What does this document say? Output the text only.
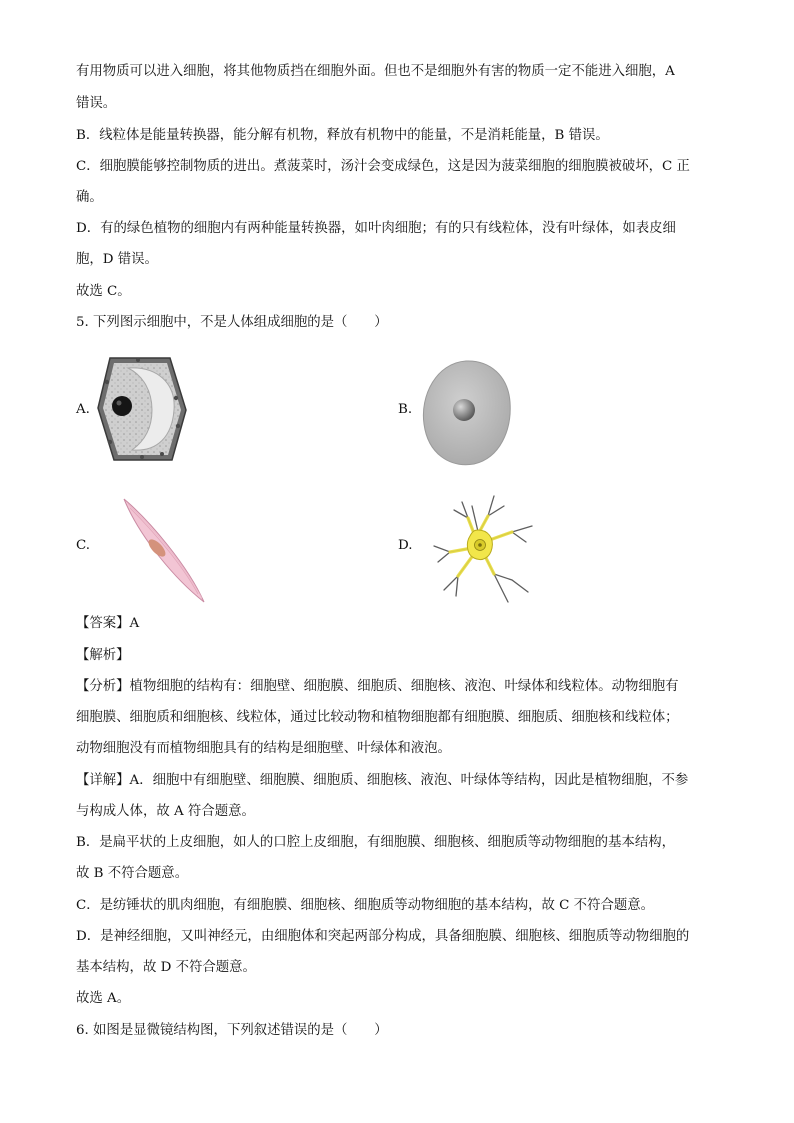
有用物质可以进入细胞，将其他物质挡在细胞外面。但也不是细胞外有害的物质一定不能进入细胞，A
错误。
B．线粒体是能量转换器，能分解有机物，释放有机物中的能量，不是消耗能量，B 错误。
C．细胞膜能够控制物质的进出。煮菠菜时，汤汁会变成绿色，这是因为菠菜细胞的细胞膜被破坏，C 正
确。
D．有的绿色植物的细胞内有两种能量转换器，如叶肉细胞；有的只有线粒体，没有叶绿体，如表皮细
胞，D 错误。
故选 C。
5. 下列图示细胞中，不是人体组成细胞的是（　　）
A.	B.
C.	D.
【答案】A
【解析】
【分析】植物细胞的结构有：细胞壁、细胞膜、细胞质、细胞核、液泡、叶绿体和线粒体。动物细胞有
细胞膜、细胞质和细胞核、线粒体，通过比较动物和植物细胞都有细胞膜、细胞质、细胞核和线粒体；
动物细胞没有而植物细胞具有的结构是细胞壁、叶绿体和液泡。
【详解】A．细胞中有细胞壁、细胞膜、细胞质、细胞核、液泡、叶绿体等结构，因此是植物细胞，不参
与构成人体，故 A 符合题意。
B．是扁平状的上皮细胞，如人的口腔上皮细胞，有细胞膜、细胞核、细胞质等动物细胞的基本结构，
故 B 不符合题意。
C．是纺锤状的肌肉细胞，有细胞膜、细胞核、细胞质等动物细胞的基本结构，故 C 不符合题意。
D．是神经细胞，又叫神经元，由细胞体和突起两部分构成，具备细胞膜、细胞核、细胞质等动物细胞的
基本结构，故 D 不符合题意。
故选 A。
6. 如图是显微镜结构图，下列叙述错误的是（　　）
